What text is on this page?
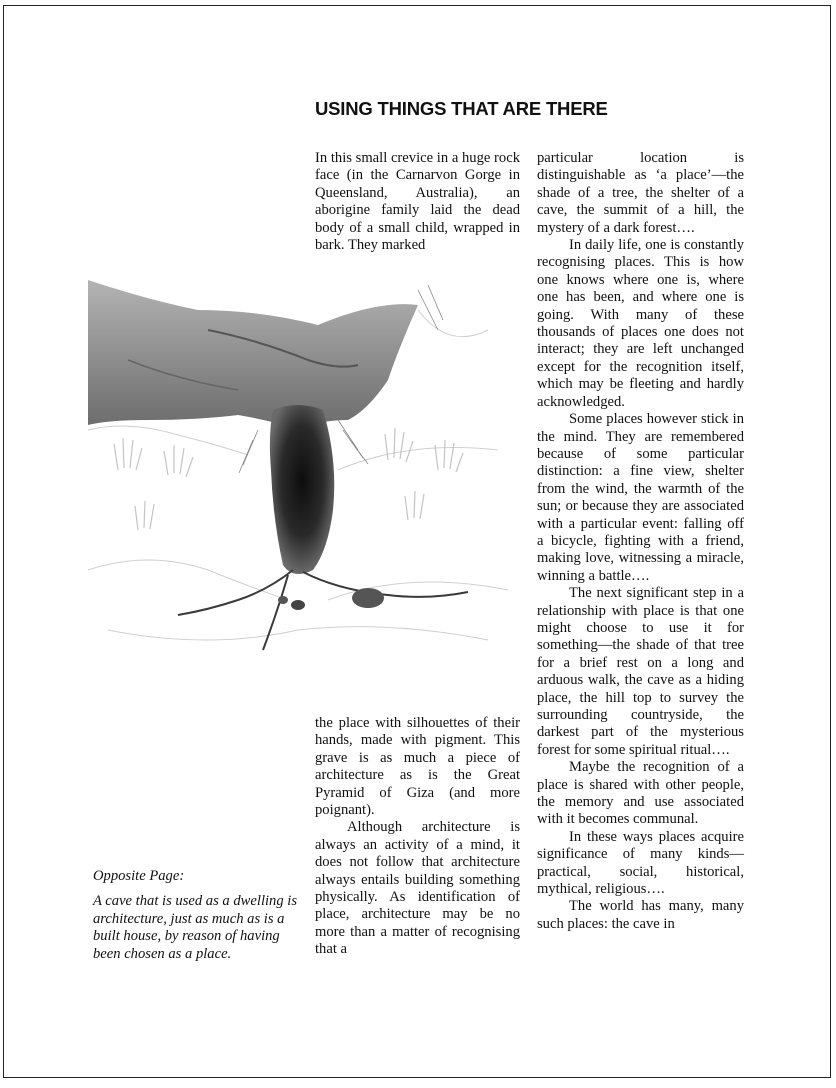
USING THINGS THAT ARE THERE

In this small crevice in a huge rock face (in the Carnarvon Gorge in Queensland, Australia), an aborigine family laid the dead body of a small child, wrapped in bark. They marked

the place with silhouettes of their hands, made with pigment. This grave is as much a piece of architecture as is the Great Pyramid of Giza (and more poignant).

Although architecture is always an activity of a mind, it does not follow that architecture always entails building something physically. As identification of place, architecture may be no more than a matter of recognising that a

particular location is distinguishable as ‘a place’—the shade of a tree, the shelter of a cave, the summit of a hill, the mystery of a dark forest….

In daily life, one is constantly recognising places. This is how one knows where one is, where one has been, and where one is going. With many of these thousands of places one does not interact; they are left unchanged except for the recognition itself, which may be fleeting and hardly acknowledged.

Some places however stick in the mind. They are remembered because of some particular distinction: a fine view, shelter from the wind, the warmth of the sun; or because they are associated with a particular event: falling off a bicycle, fighting with a friend, making love, witnessing a miracle, winning a battle….

The next significant step in a relationship with place is that one might choose to use it for something—the shade of that tree for a brief rest on a long and arduous walk, the cave as a hiding place, the hill top to survey the surrounding countryside, the darkest part of the mysterious forest for some spiritual ritual….

Maybe the recognition of a place is shared with other people, the memory and use associated with it becomes communal.

In these ways places acquire significance of many kinds—practical, social, historical, mythical, religious….

The world has many, many such places: the cave in

Opposite Page:

A cave that is used as a dwelling is architecture, just as much as is a built house, by reason of having been chosen as a place.
